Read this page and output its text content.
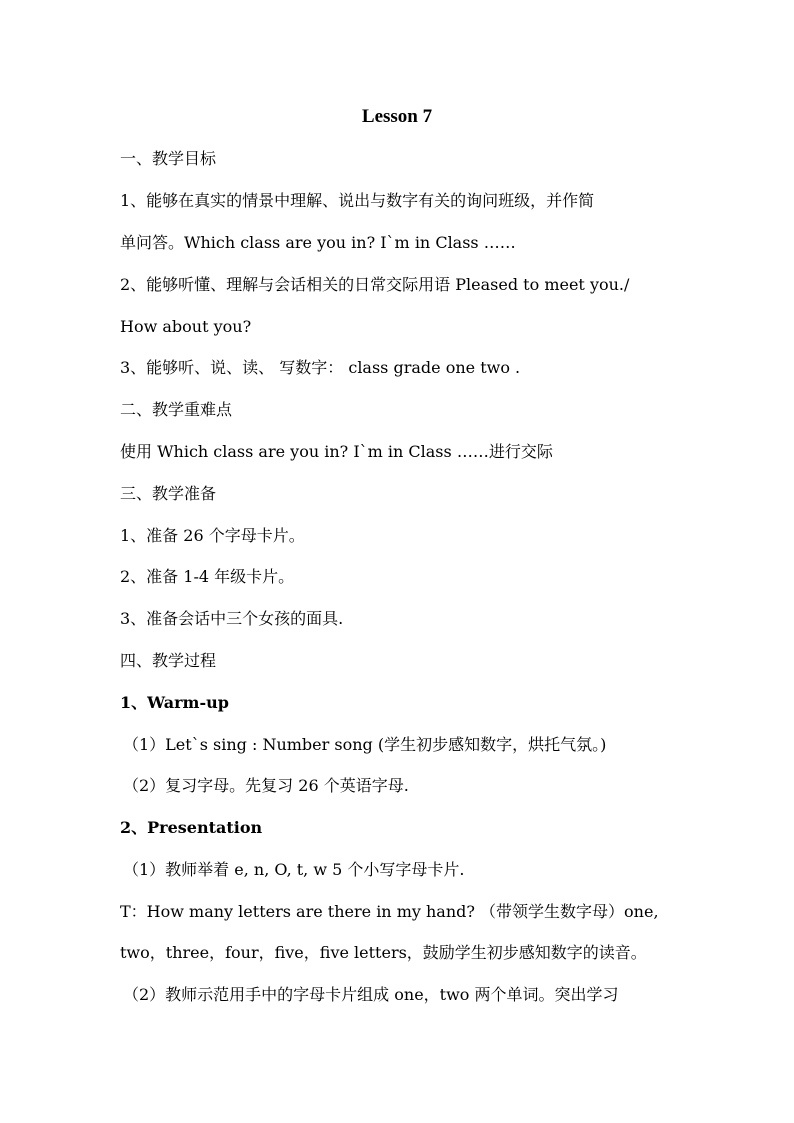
Lesson 7
一、教学目标
1、能够在真实的情景中理解、说出与数字有关的询问班级，并作简
单问答。Which class are you in? I`m in Class ……
2、能够听懂、理解与会话相关的日常交际用语 Pleased to meet you./
How about you?
3、能够听、说、读、 写数字： class grade one two .
二、教学重难点
使用 Which class are you in? I`m in Class ……进行交际
三、教学准备
1、准备 26 个字母卡片。
2、准备 1-4 年级卡片。
3、准备会话中三个女孩的面具.
四、教学过程
1、Warm-up
（1）Let`s sing : Number song (学生初步感知数字，烘托气氛。)
（2）复习字母。先复习 26 个英语字母.
2、Presentation
（1）教师举着 e, n, O, t, w 5 个小写字母卡片.
T：How many letters are there in my hand? （带领学生数字母）one,
two，three，four，five，five letters，鼓励学生初步感知数字的读音。
（2）教师示范用手中的字母卡片组成 one，two 两个单词。突出学习
